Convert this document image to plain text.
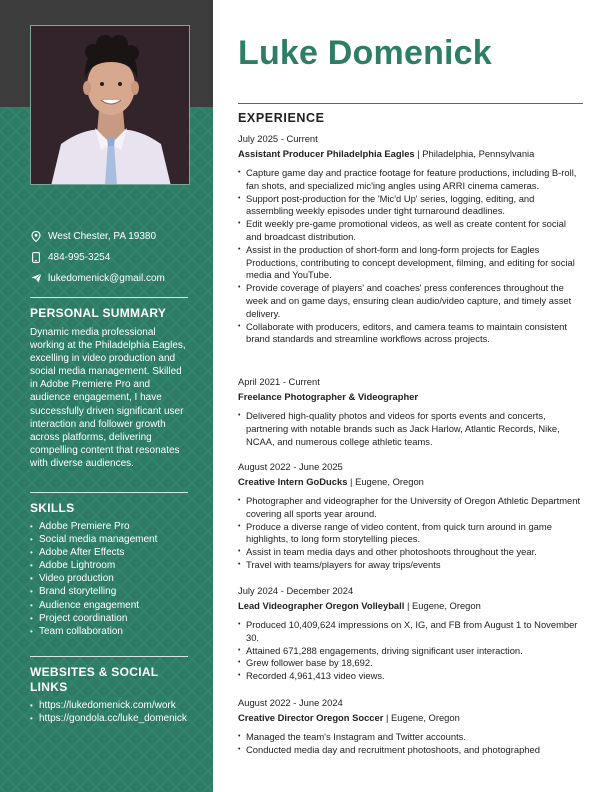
West Chester, PA 19380
484-995-3254
lukedomenick@gmail.com
PERSONAL SUMMARY
Dynamic media professional working at the Philadelphia Eagles, excelling in video production and social media management. Skilled in Adobe Premiere Pro and audience engagement, I have successfully driven significant user interaction and follower growth across platforms, delivering compelling content that resonates with diverse audiences.
SKILLS
• Adobe Premiere Pro
• Social media management
• Adobe After Effects
• Adobe Lightroom
• Video production
• Brand storytelling
• Audience engagement
• Project coordination
• Team collaboration
WEBSITES & SOCIAL LINKS
• https://lukedomenick.com/work
• https://gondola.cc/luke_domenick
Luke Domenick
EXPERIENCE
July 2025 - Current
Assistant Producer Philadelphia Eagles | Philadelphia, Pennsylvania
• Capture game day and practice footage for feature productions, including B-roll, fan shots, and specialized mic'ing angles using ARRI cinema cameras.
• Support post-production for the 'Mic'd Up' series, logging, editing, and assembling weekly episodes under tight turnaround deadlines.
• Edit weekly pre-game promotional videos, as well as create content for social and broadcast distribution.
• Assist in the production of short-form and long-form projects for Eagles Productions, contributing to concept development, filming, and editing for social media and YouTube.
• Provide coverage of players' and coaches' press conferences throughout the week and on game days, ensuring clean audio/video capture, and timely asset delivery.
• Collaborate with producers, editors, and camera teams to maintain consistent brand standards and streamline workflows across projects.
April 2021 - Current
Freelance Photographer & Videographer
• Delivered high-quality photos and videos for sports events and concerts, partnering with notable brands such as Jack Harlow, Atlantic Records, Nike, NCAA, and numerous college athletic teams.
August 2022 - June 2025
Creative Intern GoDucks | Eugene, Oregon
• Photographer and videographer for the University of Oregon Athletic Department covering all sports year around.
• Produce a diverse range of video content, from quick turn around in game highlights, to long form storytelling pieces.
• Assist in team media days and other photoshoots throughout the year.
• Travel with teams/players for away trips/events
July 2024 - December 2024
Lead Videographer Oregon Volleyball | Eugene, Oregon
• Produced 10,409,624 impressions on X, IG, and FB from August 1 to November 30.
• Attained 671,288 engagements, driving significant user interaction.
• Grew follower base by 18,692.
• Recorded 4,961,413 video views.
August 2022 - June 2024
Creative Director Oregon Soccer | Eugene, Oregon
• Managed the team's Instagram and Twitter accounts.
• Conducted media day and recruitment photoshoots, and photographed
